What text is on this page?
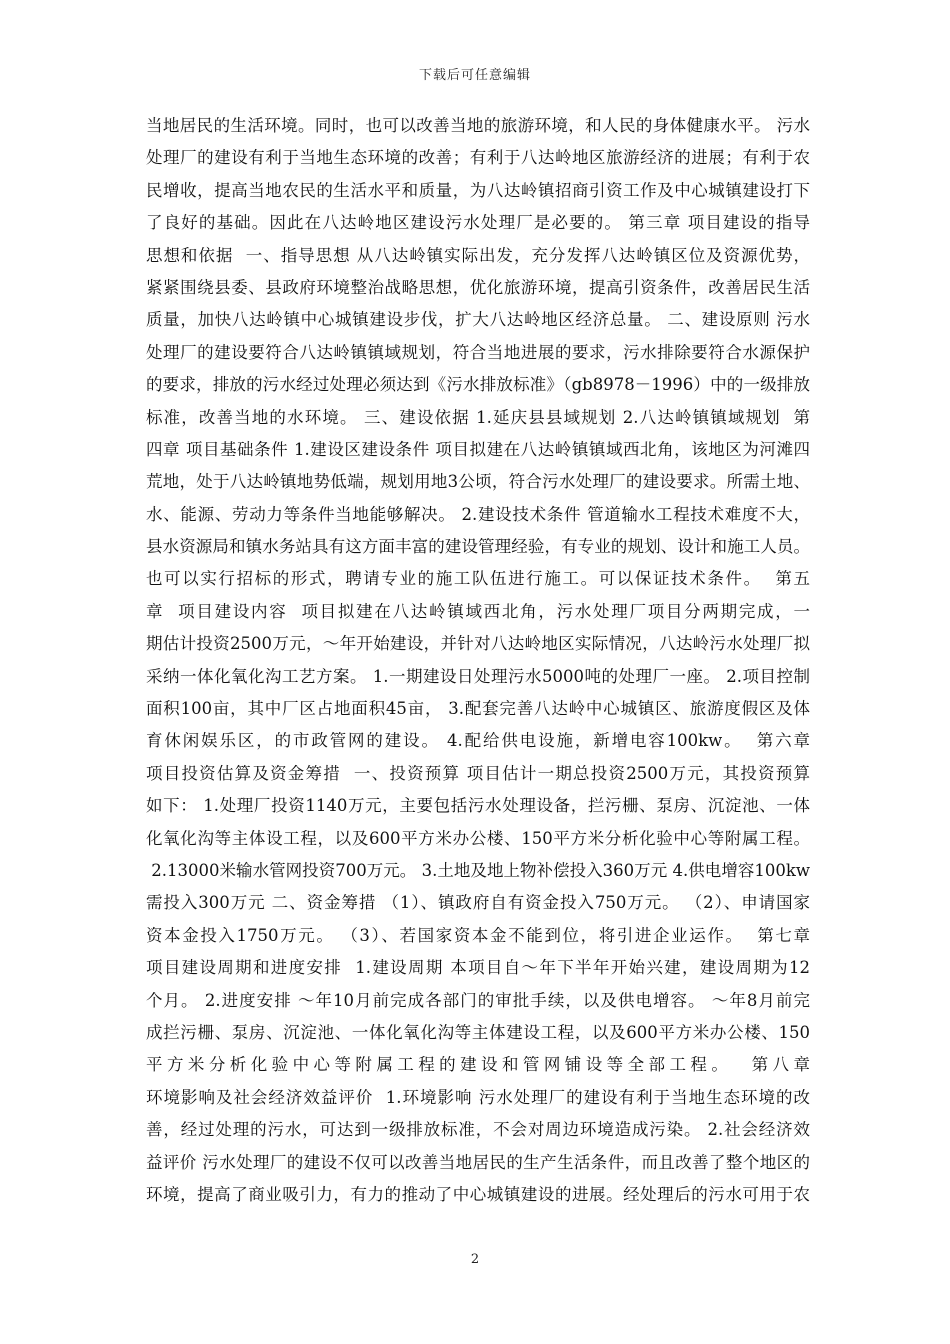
下载后可任意编辑
当地居民的生活环境。同时，也可以改善当地的旅游环境，和人民的身体健康水平。 污水
处理厂的建设有利于当地生态环境的改善；有利于八达岭地区旅游经济的进展；有利于农
民增收，提高当地农民的生活水平和质量，为八达岭镇招商引资工作及中心城镇建设打下
了良好的基础。因此在八达岭地区建设污水处理厂是必要的。 第三章 项目建设的指导
思想和依据  一、指导思想 从八达岭镇实际出发，充分发挥八达岭镇区位及资源优势，
紧紧围绕县委、县政府环境整治战略思想，优化旅游环境，提高引资条件，改善居民生活
质量，加快八达岭镇中心城镇建设步伐，扩大八达岭地区经济总量。 二、建设原则 污水
处理厂的建设要符合八达岭镇镇域规划，符合当地进展的要求，污水排除要符合水源保护
的要求，排放的污水经过处理必须达到《污水排放标准》（gb8978－1996）中的一级排放
标准，改善当地的水环境。 三、建设依据 1.延庆县县域规划 2.八达岭镇镇域规划  第
四章 项目基础条件 1.建设区建设条件 项目拟建在八达岭镇镇域西北角，该地区为河滩四
荒地，处于八达岭镇地势低端，规划用地3公顷，符合污水处理厂的建设要求。所需土地、
水、能源、劳动力等条件当地能够解决。 2.建设技术条件 管道输水工程技术难度不大，
县水资源局和镇水务站具有这方面丰富的建设管理经验，有专业的规划、设计和施工人员。
也可以实行招标的形式，聘请专业的施工队伍进行施工。可以保证技术条件。  第五
章  项目建设内容  项目拟建在八达岭镇域西北角，污水处理厂项目分两期完成，一
期估计投资2500万元，～年开始建设，并针对八达岭地区实际情况，八达岭污水处理厂拟
采纳一体化氧化沟工艺方案。 1.一期建设日处理污水5000吨的处理厂一座。 2.项目控制
面积100亩，其中厂区占地面积45亩， 3.配套完善八达岭中心城镇区、旅游度假区及体
育休闲娱乐区，的市政管网的建设。 4.配给供电设施，新增电容100kw。  第六章
项目投资估算及资金筹措  一、投资预算 项目估计一期总投资2500万元，其投资预算
如下： 1.处理厂投资1140万元，主要包括污水处理设备，拦污栅、泵房、沉淀池、一体
化氧化沟等主体设工程，以及600平方米办公楼、150平方米分析化验中心等附属工程。
2.13000米输水管网投资700万元。 3.土地及地上物补偿投入360万元 4.供电增容100kw
需投入300万元 二、资金筹措 （1）、镇政府自有资金投入750万元。 （2）、申请国家
资本金投入1750万元。 （3）、若国家资本金不能到位，将引进企业运作。  第七章
项目建设周期和进度安排  1.建设周期 本项目自～年下半年开始兴建，建设周期为12
个月。 2.进度安排 ～年10月前完成各部门的审批手续，以及供电增容。 ～年8月前完
成拦污栅、泵房、沉淀池、一体化氧化沟等主体建设工程，以及600平方米办公楼、150
平方米分析化验中心等附属工程的建设和管网铺设等全部工程。  第八章
环境影响及社会经济效益评价  1.环境影响 污水处理厂的建设有利于当地生态环境的改
善，经过处理的污水，可达到一级排放标准，不会对周边环境造成污染。 2.社会经济效
益评价 污水处理厂的建设不仅可以改善当地居民的生产生活条件，而且改善了整个地区的
环境，提高了商业吸引力，有力的推动了中心城镇建设的进展。经处理后的污水可用于农
2
